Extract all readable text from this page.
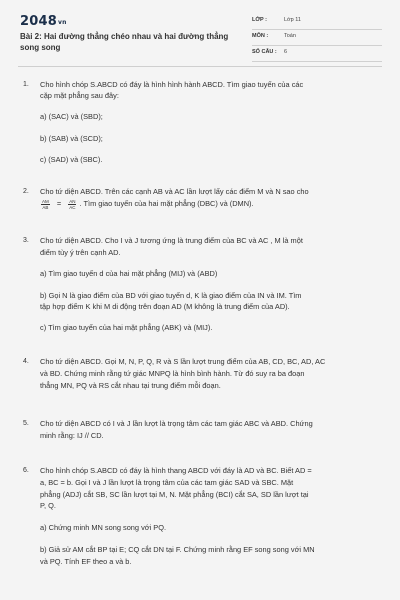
2048vn
Bài 2: Hai đường thẳng chéo nhau và hai đường thẳng song song
LỚP :	Lớp 11
MÔN :	Toán
SỐ CÂU : 6
1. Cho hình chóp S.ABCD có đáy là hình hình hành ABCD. Tìm giao tuyến của các
cặp mặt phẳng sau đây:
a) (SAC) và (SBD);
b) (SAB) và (SCD);
c) (SAD) và (SBC).
2. Cho tứ diện ABCD. Trên các cạnh AB và AC lần lượt lấy các điểm M và N sao cho
$\frac{AM}{AB} = \frac{AN}{AC}$ . Tìm giao tuyến của hai mặt phẳng (DBC) và (DMN).
3. Cho tứ diện ABCD. Cho I và J tương ứng là trung điểm của BC và AC , M là một
điểm tùy ý trên cạnh AD.
a) Tìm giao tuyến d của hai mặt phẳng (MIJ) và (ABD)
b) Gọi N là giao điểm của BD với giao tuyến d, K là giao điểm của IN và IM. Tìm
tập hợp điểm K khi M di động trên đoạn AD (M không là trung điểm của AD).
c) Tìm giao tuyến của hai mặt phẳng (ABK) và (MIJ).
4. Cho tứ diện ABCD. Gọi M, N, P, Q, R và S lần lượt trung điểm của AB, CD, BC, AD, AC
và BD. Chứng minh rằng tứ giác MNPQ là hình bình hành. Từ đó suy ra ba đoạn
thẳng MN, PQ và RS cắt nhau tại trung điểm mỗi đoạn.
5. Cho tứ diện ABCD có I và J lần lượt là trọng tâm các tam giác ABC và ABD. Chứng
minh rằng: IJ // CD.
6. Cho hình chóp S.ABCD có đáy là hình thang ABCD với đáy là AD và BC. Biết AD =
a, BC = b. Gọi I và J lần lượt là trọng tâm của các tam giác SAD và SBC. Mặt
phẳng (ADJ) cắt SB, SC lần lượt tại M, N. Mặt phẳng (BCI) cắt SA, SD lần lượt tại
P, Q.
a) Chứng minh MN song song với PQ.
b) Giả sử AM cắt BP tại E; CQ cắt DN tại F. Chứng minh rằng EF song song với MN
và PQ. Tính EF theo a và b.
